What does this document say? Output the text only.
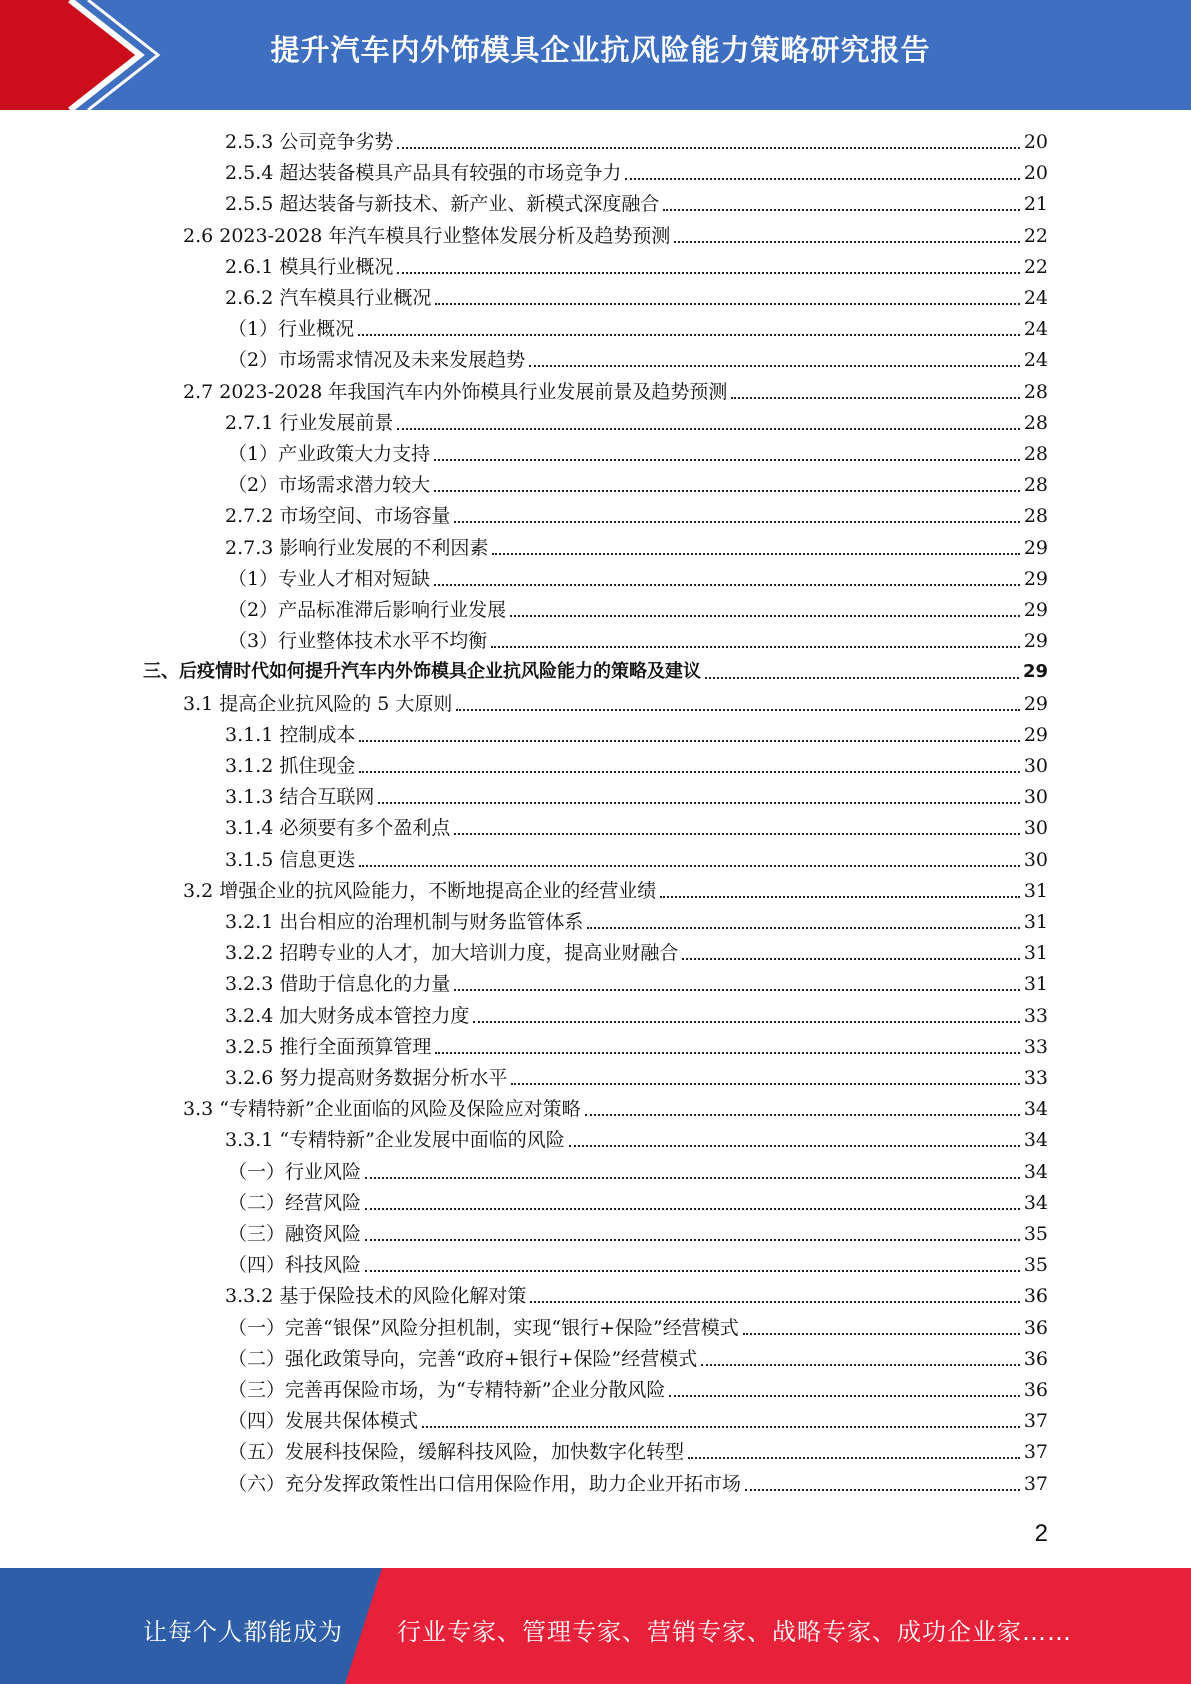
提升汽车内外饰模具企业抗风险能力策略研究报告
2.5.3 公司竞争劣势	20
2.5.4 超达装备模具产品具有较强的市场竞争力	20
2.5.5 超达装备与新技术、新产业、新模式深度融合	21
2.6 2023-2028 年汽车模具行业整体发展分析及趋势预测	22
2.6.1 模具行业概况	22
2.6.2 汽车模具行业概况	24
（1）行业概况	24
（2）市场需求情况及未来发展趋势	24
2.7 2023-2028 年我国汽车内外饰模具行业发展前景及趋势预测	28
2.7.1 行业发展前景	28
（1）产业政策大力支持	28
（2）市场需求潜力较大	28
2.7.2 市场空间、市场容量	28
2.7.3 影响行业发展的不利因素	29
（1）专业人才相对短缺	29
（2）产品标准滞后影响行业发展	29
（3）行业整体技术水平不均衡	29
三、后疫情时代如何提升汽车内外饰模具企业抗风险能力的策略及建议	29
3.1 提高企业抗风险的 5 大原则	29
3.1.1 控制成本	29
3.1.2 抓住现金	30
3.1.3 结合互联网	30
3.1.4 必须要有多个盈利点	30
3.1.5 信息更迭	30
3.2 增强企业的抗风险能力，不断地提高企业的经营业绩	31
3.2.1 出台相应的治理机制与财务监管体系	31
3.2.2 招聘专业的人才，加大培训力度，提高业财融合	31
3.2.3 借助于信息化的力量	31
3.2.4 加大财务成本管控力度	33
3.2.5 推行全面预算管理	33
3.2.6 努力提高财务数据分析水平	33
3.3 “专精特新”企业面临的风险及保险应对策略	34
3.3.1 “专精特新”企业发展中面临的风险	34
（一）行业风险	34
（二）经营风险	34
（三）融资风险	35
（四）科技风险	35
3.3.2 基于保险技术的风险化解对策	36
（一）完善“银保”风险分担机制，实现“银行+保险”经营模式	36
（二）强化政策导向，完善“政府+银行+保险”经营模式	36
（三）完善再保险市场，为“专精特新”企业分散风险	36
（四）发展共保体模式	37
（五）发展科技保险，缓解科技风险，加快数字化转型	37
（六）充分发挥政策性出口信用保险作用，助力企业开拓市场	37
2
让每个人都能成为 行业专家、管理专家、营销专家、战略专家、成功企业家……
